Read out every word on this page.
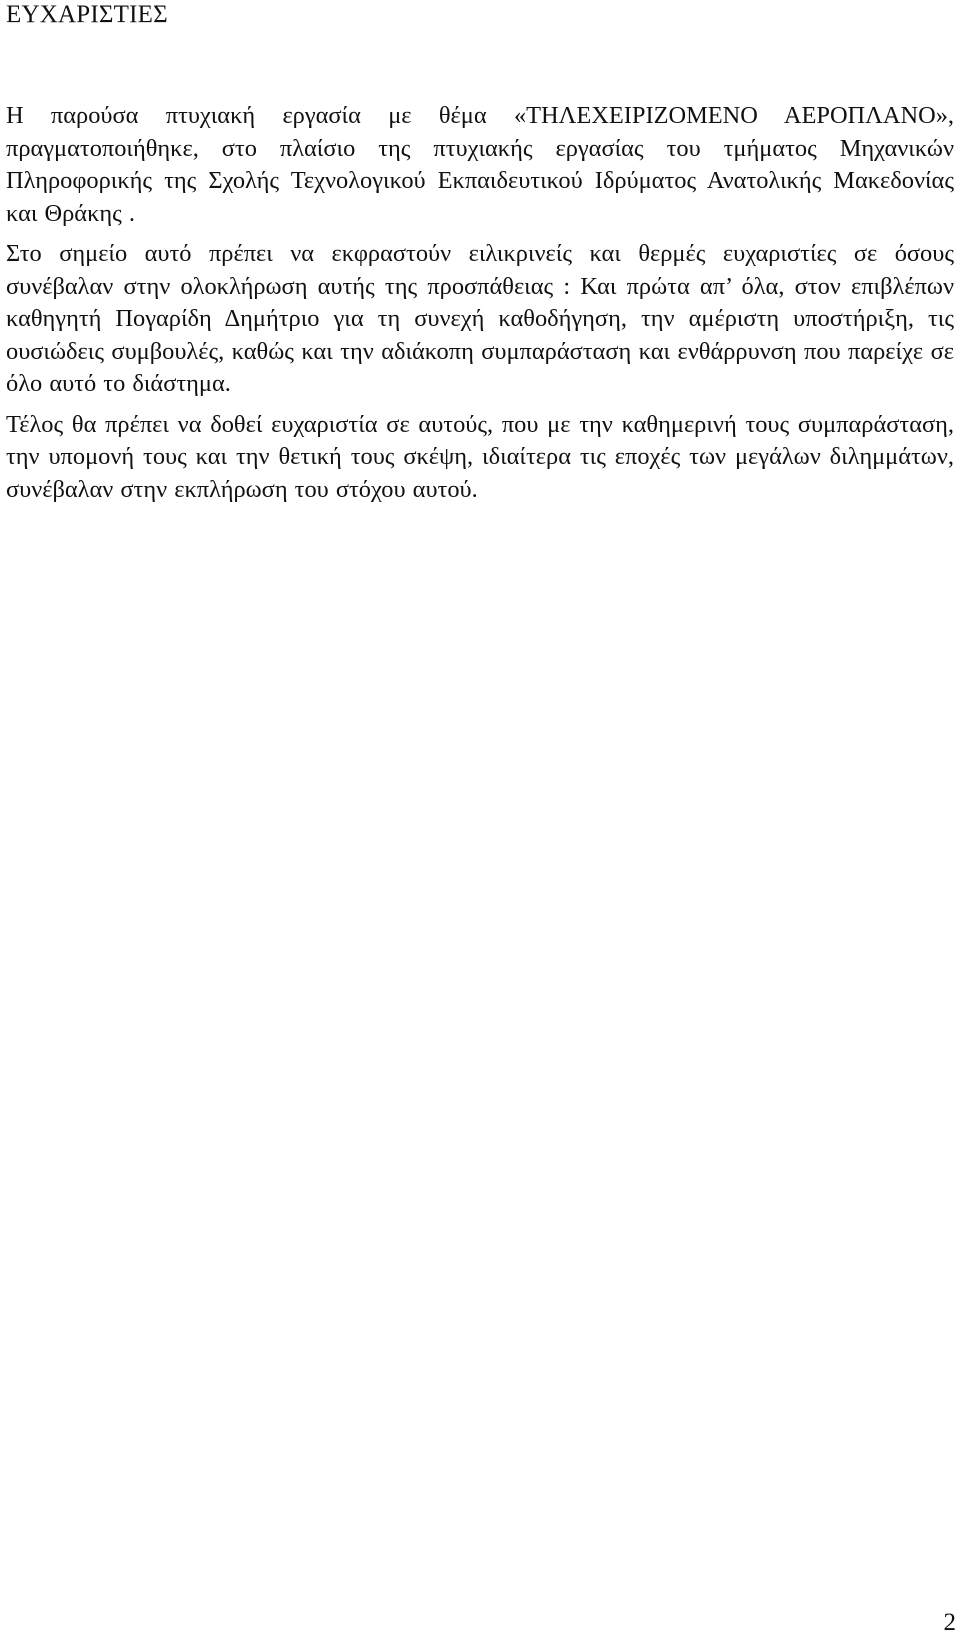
ΕΥΧΑΡΙΣΤΙΕΣ

Η παρούσα πτυχιακή εργασία με θέμα «ΤΗΛΕΧΕΙΡΙΖΟΜΕΝΟ ΑΕΡΟΠΛΑΝΟ», πραγματοποιήθηκε, στο πλαίσιο της πτυχιακής εργασίας του τμήματος Μηχανικών Πληροφορικής της Σχολής Τεχνολογικού Εκπαιδευτικού Ιδρύματος Ανατολικής Μακεδονίας και Θράκης .

Στο σημείο αυτό πρέπει να εκφραστούν ειλικρινείς και θερμές ευχαριστίες σε όσους συνέβαλαν στην ολοκλήρωση αυτής της προσπάθειας : Και πρώτα απ’ όλα, στον επιβλέπων καθηγητή Πογαρίδη Δημήτριο για τη συνεχή καθοδήγηση, την αμέριστη υποστήριξη, τις ουσιώδεις συμβουλές, καθώς και την αδιάκοπη συμπαράσταση και ενθάρρυνση που παρείχε σε όλο αυτό το διάστημα.

Τέλος θα πρέπει να δοθεί ευχαριστία σε αυτούς, που με την καθημερινή τους συμπαράσταση, την υπομονή τους και την θετική τους σκέψη, ιδιαίτερα τις εποχές των μεγάλων διλημμάτων, συνέβαλαν στην εκπλήρωση του στόχου αυτού.

2
